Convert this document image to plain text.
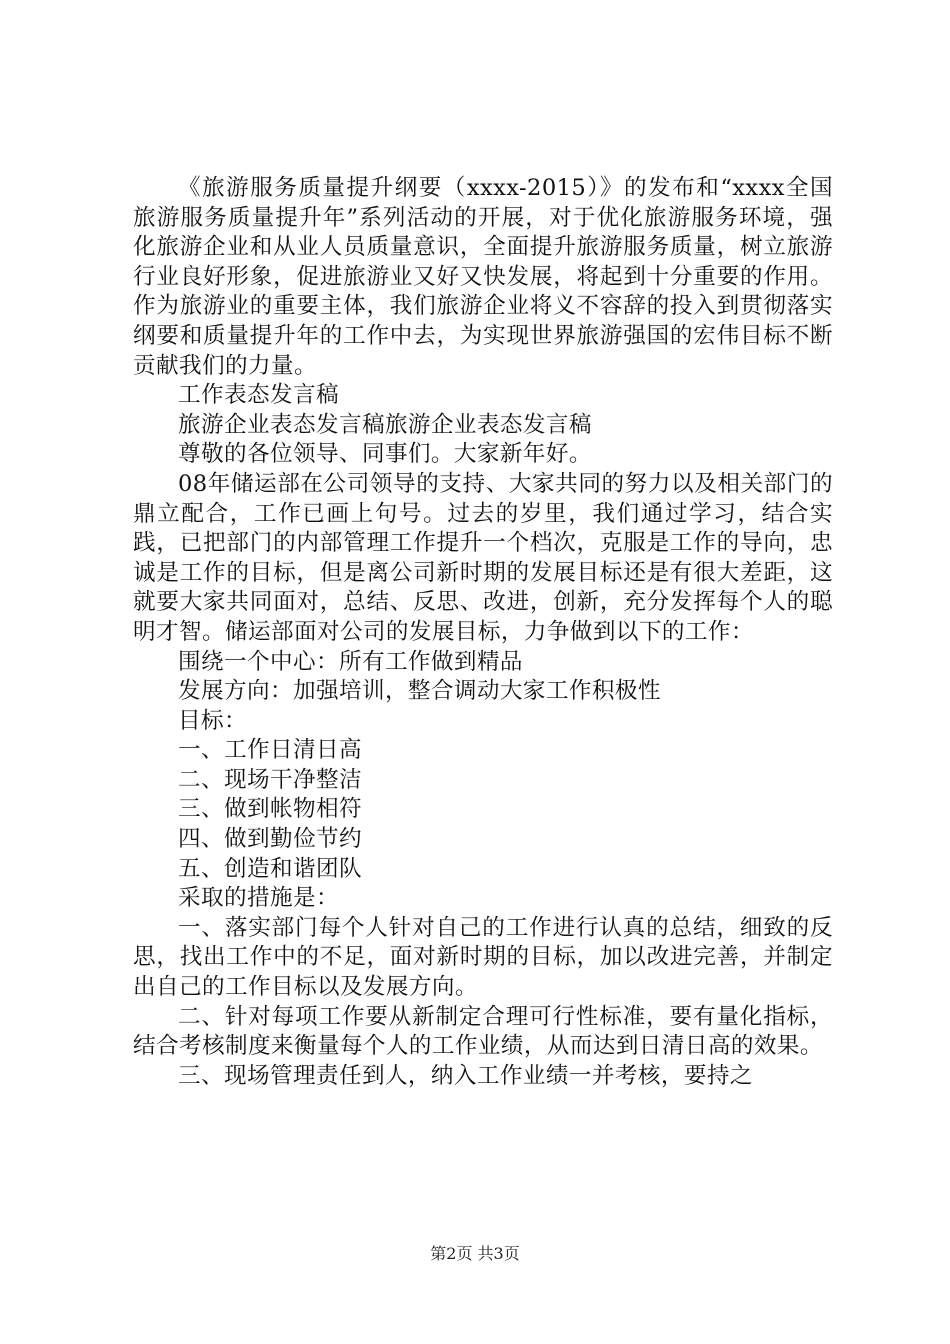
《旅游服务质量提升纲要（xxxx-2015）》的发布和“xxxx全国旅游服务质量提升年”系列活动的开展，对于优化旅游服务环境，强化旅游企业和从业人员质量意识，全面提升旅游服务质量，树立旅游行业良好形象，促进旅游业又好又快发展，将起到十分重要的作用。作为旅游业的重要主体，我们旅游企业将义不容辞的投入到贯彻落实纲要和质量提升年的工作中去，为实现世界旅游强国的宏伟目标不断贡献我们的力量。

工作表态发言稿

旅游企业表态发言稿旅游企业表态发言稿

尊敬的各位领导、同事们。大家新年好。

08年储运部在公司领导的支持、大家共同的努力以及相关部门的鼎立配合，工作已画上句号。过去的岁里，我们通过学习，结合实践，已把部门的内部管理工作提升一个档次，克服是工作的导向，忠诚是工作的目标，但是离公司新时期的发展目标还是有很大差距，这就要大家共同面对，总结、反思、改进，创新，充分发挥每个人的聪明才智。储运部面对公司的发展目标，力争做到以下的工作：

围绕一个中心：所有工作做到精品

发展方向：加强培训，整合调动大家工作积极性

目标：

一、工作日清日高

二、现场干净整洁

三、做到帐物相符

四、做到勤俭节约

五、创造和谐团队

采取的措施是：

一、落实部门每个人针对自己的工作进行认真的总结，细致的反思，找出工作中的不足，面对新时期的目标，加以改进完善，并制定出自己的工作目标以及发展方向。

二、针对每项工作要从新制定合理可行性标准，要有量化指标，结合考核制度来衡量每个人的工作业绩，从而达到日清日高的效果。

三、现场管理责任到人，纳入工作业绩一并考核，要持之

第2页 共3页
